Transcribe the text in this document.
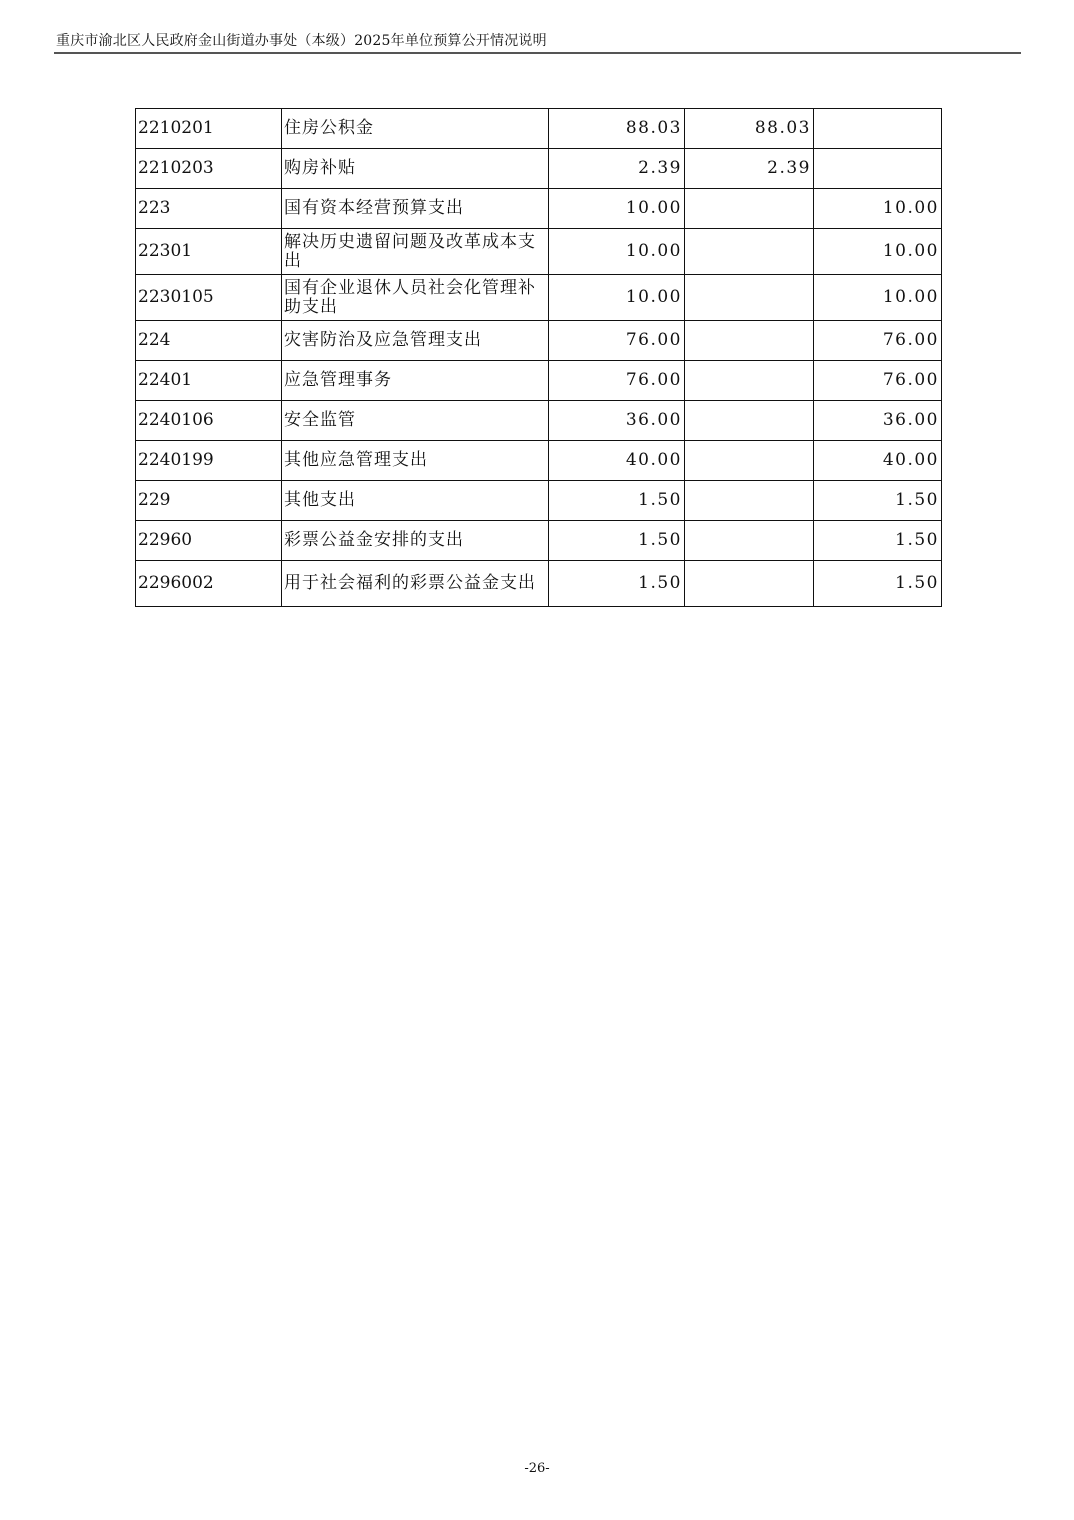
重庆市渝北区人民政府金山街道办事处（本级）2025年单位预算公开情况说明
2210201	住房公积金	88.03	88.03	
2210203	购房补贴	2.39	2.39	
223	国有资本经营预算支出	10.00		10.00
22301	解决历史遗留问题及改革成本支出	10.00		10.00
2230105	国有企业退休人员社会化管理补助支出	10.00		10.00
224	灾害防治及应急管理支出	76.00		76.00
22401	应急管理事务	76.00		76.00
2240106	安全监管	36.00		36.00
2240199	其他应急管理支出	40.00		40.00
229	其他支出	1.50		1.50
22960	彩票公益金安排的支出	1.50		1.50
2296002	用于社会福利的彩票公益金支出	1.50		1.50
-26-
